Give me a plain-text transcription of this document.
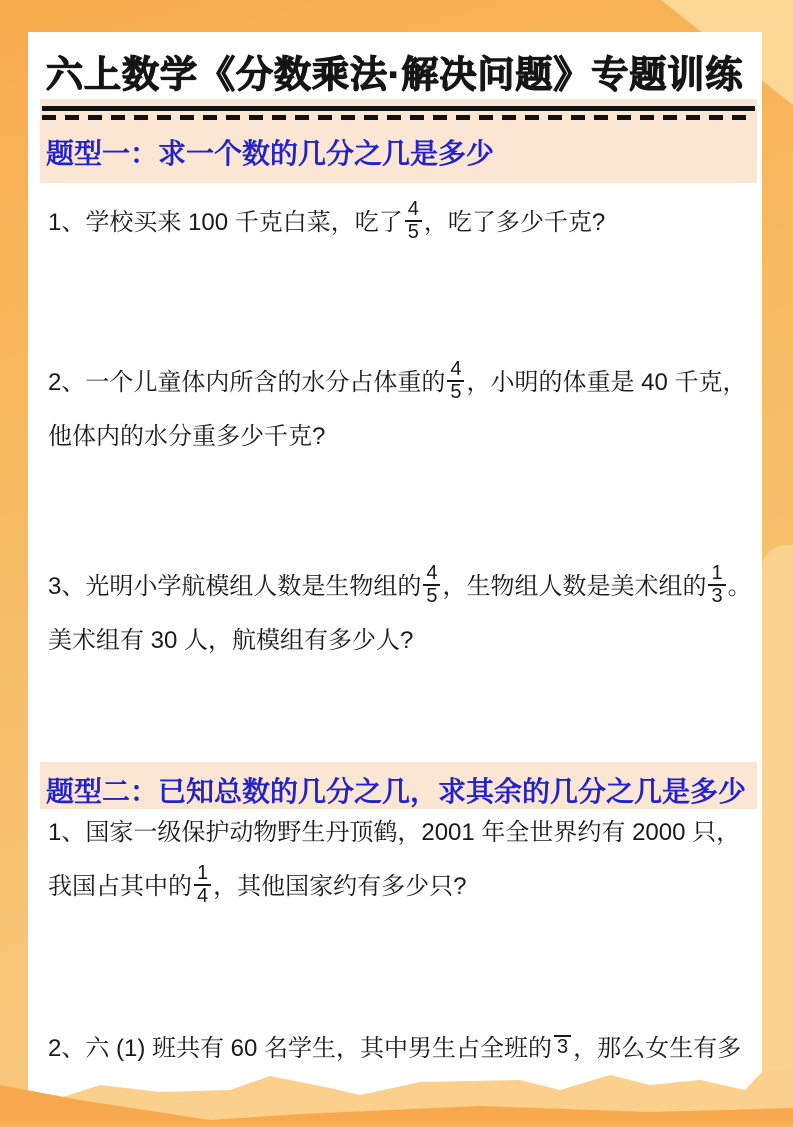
六上数学《分数乘法·解决问题》专题训练
题型一：求一个数的几分之几是多少

1、学校买来 100 千克白菜，吃了 $\frac{4}{5}$ ，吃了多少千克?

2、一个儿童体内所含的水分占体重的 $\frac{4}{5}$ ，小明的体重是 40 千克，他体内的水分重多少千克?

3、光明小学航模组人数是生物组的 $\frac{4}{5}$ ，生物组人数是美术组的 $\frac{1}{3}$ 。美术组有 30 人，航模组有多少人?

题型二：已知总数的几分之几，求其余的几分之几是多少

1、国家一级保护动物野生丹顶鹤，2001 年全世界约有 2000 只，我国占其中的 $\frac{1}{4}$ ，其他国家约有多少只?

2、六 (1) 班共有 60 名学生，其中男生占全班的 3 ，那么女生有多
